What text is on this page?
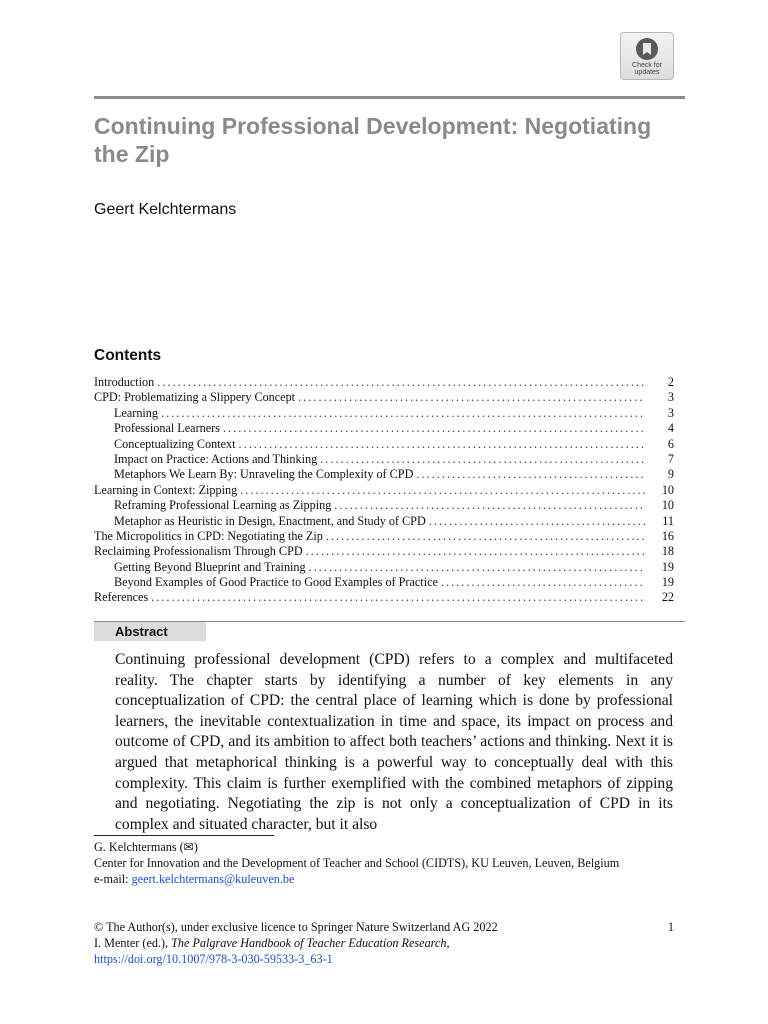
Check for updates
Continuing Professional Development: Negotiating the Zip

Geert Kelchtermans

Contents
Introduction . . .	2
CPD: Problematizing a Slippery Concept . . .	3
Learning . . .	3
Professional Learners . . .	4
Conceptualizing Context . . .	6
Impact on Practice: Actions and Thinking . . .	7
Metaphors We Learn By: Unraveling the Complexity of CPD . . .	9
Learning in Context: Zipping . . .	10
Reframing Professional Learning as Zipping . . .	10
Metaphor as Heuristic in Design, Enactment, and Study of CPD . . .	11
The Micropolitics in CPD: Negotiating the Zip . . .	16
Reclaiming Professionalism Through CPD . . .	18
Getting Beyond Blueprint and Training . . .	19
Beyond Examples of Good Practice to Good Examples of Practice . . .	19
References . . .	22
Abstract

Continuing professional development (CPD) refers to a complex and multifaceted reality. The chapter starts by identifying a number of key elements in any conceptualization of CPD: the central place of learning which is done by professional learners, the inevitable contextualization in time and space, its impact on process and outcome of CPD, and its ambition to affect both teachers’ actions and thinking. Next it is argued that metaphorical thinking is a powerful way to conceptually deal with this complexity. This claim is further exemplified with the combined metaphors of zipping and negotiating. Negotiating the zip is not only a conceptualization of CPD in its complex and situated character, but it also

G. Kelchtermans (✉)

Center for Innovation and the Development of Teacher and School (CIDTS), KU Leuven, Leuven, Belgium

e-mail: geert.kelchtermans@kuleuven.be

© The Author(s), under exclusive licence to Springer Nature Switzerland AG 2022	1

I. Menter (ed.), The Palgrave Handbook of Teacher Education Research,

https://doi.org/10.1007/978-3-030-59533-3_63-1
